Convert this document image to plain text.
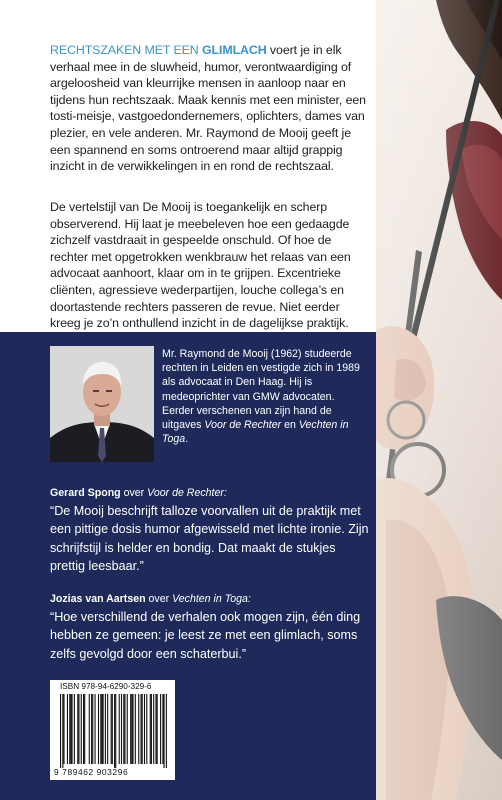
RECHTSZAKEN MET EEN GLIMLACH voert je in elk verhaal mee in de sluwheid, humor, verontwaardiging of argeloosheid van kleurrijke mensen in aanloop naar en tijdens hun rechtszaak. Maak kennis met een minister, een tosti-meisje, vastgoedondernemers, oplichters, dames van plezier, en vele anderen. Mr. Raymond de Mooij geeft je een spannend en soms ontroerend maar altijd grappig inzicht in de verwikkelingen in en rond de rechtszaal.

De vertelstijl van De Mooij is toegankelijk en scherp observerend. Hij laat je meebeleven hoe een gedaagde zichzelf vastdraait in gespeelde onschuld. Of hoe de rechter met opgetrokken wenkbrauw het relaas van een advocaat aanhoort, klaar om in te grijpen. Excentrieke cliënten, agressieve wederpartijen, louche collega’s en doortastende rechters passeren de revue. Niet eerder kreeg je zo’n onthullend inzicht in de dagelijkse praktijk.

Mr. Raymond de Mooij (1962) studeerde rechten in Leiden en vestigde zich in 1989 als advocaat in Den Haag. Hij is medeoprichter van GMW advocaten.
Eerder verschenen van zijn hand de uitgaves Voor de Rechter en Vechten in Toga.

Gerard Spong over Voor de Rechter:

“De Mooij beschrijft talloze voorvallen uit de praktijk met een pittige dosis humor afgewisseld met lichte ironie. Zijn schrijfstijl is helder en bondig. Dat maakt de stukjes prettig leesbaar.”

Jozias van Aartsen over Vechten in Toga:

“Hoe verschillend de verhalen ook mogen zijn, één ding hebben ze gemeen: je leest ze met een glimlach, soms zelfs gevolgd door een schaterbui.”

ISBN 978-94-6290-329-6
9 789462 903296
